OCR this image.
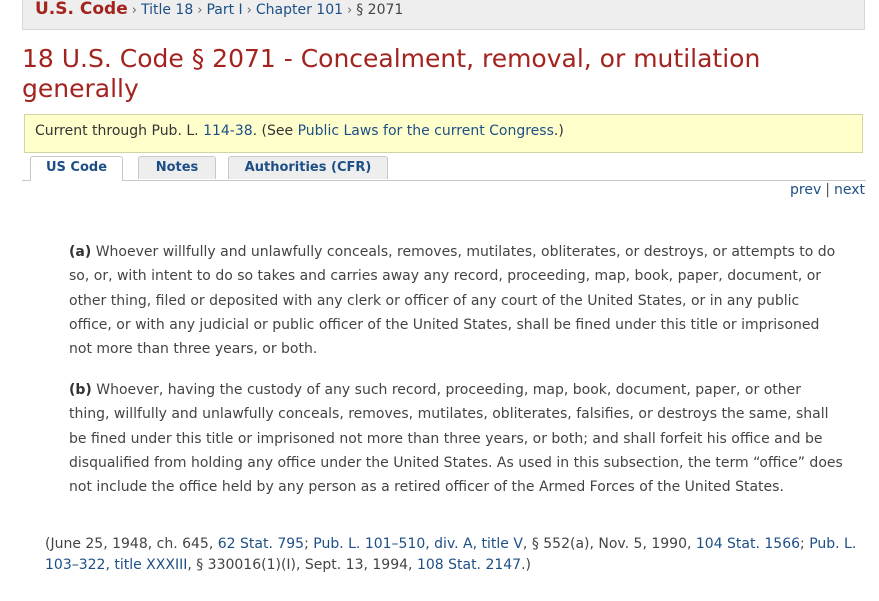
U.S. Code › Title 18 › Part I › Chapter 101 › § 2071
18 U.S. Code § 2071 - Concealment, removal, or mutilation generally
Current through Pub. L. 114-38. (See Public Laws for the current Congress.)
US Code	Notes	Authorities (CFR)
prev | next
(a) Whoever willfully and unlawfully conceals, removes, mutilates, obliterates, or destroys, or attempts to do so, or, with intent to do so takes and carries away any record, proceeding, map, book, paper, document, or other thing, filed or deposited with any clerk or officer of any court of the United States, or in any public office, or with any judicial or public officer of the United States, shall be fined under this title or imprisoned not more than three years, or both.
(b) Whoever, having the custody of any such record, proceeding, map, book, document, paper, or other thing, willfully and unlawfully conceals, removes, mutilates, obliterates, falsifies, or destroys the same, shall be fined under this title or imprisoned not more than three years, or both; and shall forfeit his office and be disqualified from holding any office under the United States. As used in this subsection, the term “office” does not include the office held by any person as a retired officer of the Armed Forces of the United States.
(June 25, 1948, ch. 645, 62 Stat. 795; Pub. L. 101–510, div. A, title V, § 552(a), Nov. 5, 1990, 104 Stat. 1566; Pub. L. 103–322, title XXXIII, § 330016(1)(I), Sept. 13, 1994, 108 Stat. 2147.)
